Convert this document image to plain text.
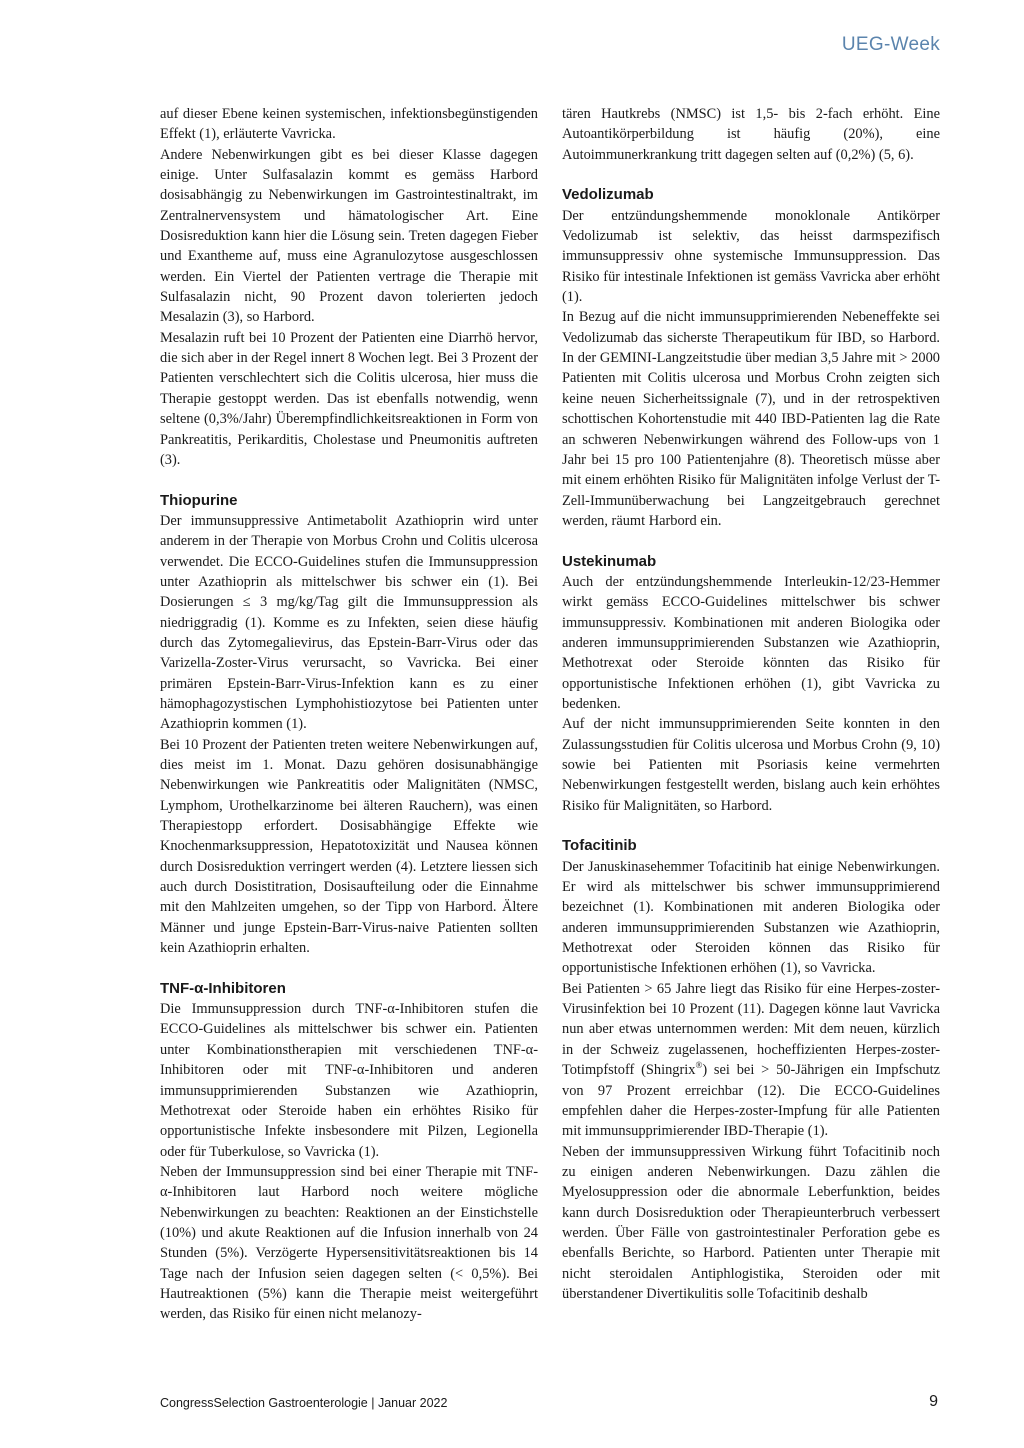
UEG-Week

auf dieser Ebene keinen systemischen, infektionsbegünstigenden Effekt (1), erläuterte Vavricka.

Andere Nebenwirkungen gibt es bei dieser Klasse dagegen einige. Unter Sulfasalazin kommt es gemäss Harbord dosisabhängig zu Nebenwirkungen im Gastrointestinaltrakt, im Zentralnervensystem und hämatologischer Art. Eine Dosisreduktion kann hier die Lösung sein. Treten dagegen Fieber und Exantheme auf, muss eine Agranulozytose ausgeschlossen werden. Ein Viertel der Patienten vertrage die Therapie mit Sulfasalazin nicht, 90 Prozent davon tolerierten jedoch Mesalazin (3), so Harbord.

Mesalazin ruft bei 10 Prozent der Patienten eine Diarrhö hervor, die sich aber in der Regel innert 8 Wochen legt. Bei 3 Prozent der Patienten verschlechtert sich die Colitis ulcerosa, hier muss die Therapie gestoppt werden. Das ist ebenfalls notwendig, wenn seltene (0,3%/Jahr) Überempfindlichkeitsreaktionen in Form von Pankreatitis, Perikarditis, Cholestase und Pneumonitis auftreten (3).

Thiopurine

Der immunsuppressive Antimetabolit Azathioprin wird unter anderem in der Therapie von Morbus Crohn und Colitis ulcerosa verwendet. Die ECCO-Guidelines stufen die Immunsuppression unter Azathioprin als mittelschwer bis schwer ein (1). Bei Dosierungen ≤ 3 mg/kg/Tag gilt die Immunsuppression als niedriggradig (1). Komme es zu Infekten, seien diese häufig durch das Zytomegalievirus, das Epstein-Barr-Virus oder das Varizella-Zoster-Virus verursacht, so Vavricka. Bei einer primären Epstein-Barr-Virus-Infektion kann es zu einer hämophagozystischen Lymphohistiozytose bei Patienten unter Azathioprin kommen (1).

Bei 10 Prozent der Patienten treten weitere Nebenwirkungen auf, dies meist im 1. Monat. Dazu gehören dosisunabhängige Nebenwirkungen wie Pankreatitis oder Malignitäten (NMSC, Lymphom, Urothelkarzinome bei älteren Rauchern), was einen Therapiestopp erfordert. Dosisabhängige Effekte wie Knochenmarksuppression, Hepatotoxizität und Nausea können durch Dosisreduktion verringert werden (4). Letztere liessen sich auch durch Dosistitration, Dosisaufteilung oder die Einnahme mit den Mahlzeiten umgehen, so der Tipp von Harbord. Ältere Männer und junge Epstein-Barr-Virus-naive Patienten sollten kein Azathioprin erhalten.

TNF-α-Inhibitoren

Die Immunsuppression durch TNF-α-Inhibitoren stufen die ECCO-Guidelines als mittelschwer bis schwer ein. Patienten unter Kombinationstherapien mit verschiedenen TNF-α-Inhibitoren oder mit TNF-α-Inhibitoren und anderen immunsupprimierenden Substanzen wie Azathioprin, Methotrexat oder Steroide haben ein erhöhtes Risiko für opportunistische Infekte insbesondere mit Pilzen, Legionella oder für Tuberkulose, so Vavricka (1).

Neben der Immunsuppression sind bei einer Therapie mit TNF-α-Inhibitoren laut Harbord noch weitere mögliche Nebenwirkungen zu beachten: Reaktionen an der Einstichstelle (10%) und akute Reaktionen auf die Infusion innerhalb von 24 Stunden (5%). Verzögerte Hypersensitivitätsreaktionen bis 14 Tage nach der Infusion seien dagegen selten (< 0,5%). Bei Hautreaktionen (5%) kann die Therapie meist weitergeführt werden, das Risiko für einen nicht melanozy-

tären Hautkrebs (NMSC) ist 1,5- bis 2-fach erhöht. Eine Autoantikörperbildung ist häufig (20%), eine Autoimmunerkrankung tritt dagegen selten auf (0,2%) (5, 6).

Vedolizumab

Der entzündungshemmende monoklonale Antikörper Vedolizumab ist selektiv, das heisst darmspezifisch immunsuppressiv ohne systemische Immunsuppression. Das Risiko für intestinale Infektionen ist gemäss Vavricka aber erhöht (1).

In Bezug auf die nicht immunsupprimierenden Nebeneffekte sei Vedolizumab das sicherste Therapeutikum für IBD, so Harbord. In der GEMINI-Langzeitstudie über median 3,5 Jahre mit > 2000 Patienten mit Colitis ulcerosa und Morbus Crohn zeigten sich keine neuen Sicherheitssignale (7), und in der retrospektiven schottischen Kohortenstudie mit 440 IBD-Patienten lag die Rate an schweren Nebenwirkungen während des Follow-ups von 1 Jahr bei 15 pro 100 Patientenjahre (8). Theoretisch müsse aber mit einem erhöhten Risiko für Malignitäten infolge Verlust der T-Zell-Immunüberwachung bei Langzeitgebrauch gerechnet werden, räumt Harbord ein.

Ustekinumab

Auch der entzündungshemmende Interleukin-12/23-Hemmer wirkt gemäss ECCO-Guidelines mittelschwer bis schwer immunsuppressiv. Kombinationen mit anderen Biologika oder anderen immunsupprimierenden Substanzen wie Azathioprin, Methotrexat oder Steroide könnten das Risiko für opportunistische Infektionen erhöhen (1), gibt Vavricka zu bedenken.

Auf der nicht immunsupprimierenden Seite konnten in den Zulassungsstudien für Colitis ulcerosa und Morbus Crohn (9, 10) sowie bei Patienten mit Psoriasis keine vermehrten Nebenwirkungen festgestellt werden, bislang auch kein erhöhtes Risiko für Malignitäten, so Harbord.

Tofacitinib

Der Januskinasehemmer Tofacitinib hat einige Nebenwirkungen. Er wird als mittelschwer bis schwer immunsupprimierend bezeichnet (1). Kombinationen mit anderen Biologika oder anderen immunsupprimierenden Substanzen wie Azathioprin, Methotrexat oder Steroiden können das Risiko für opportunistische Infektionen erhöhen (1), so Vavricka.

Bei Patienten > 65 Jahre liegt das Risiko für eine Herpes-zoster-Virusinfektion bei 10 Prozent (11). Dagegen könne laut Vavricka nun aber etwas unternommen werden: Mit dem neuen, kürzlich in der Schweiz zugelassenen, hocheffizienten Herpes-zoster-Totimpfstoff (Shingrix®) sei bei > 50-Jährigen ein Impfschutz von 97 Prozent erreichbar (12). Die ECCO-Guidelines empfehlen daher die Herpes-zoster-Impfung für alle Patienten mit immunsupprimierender IBD-Therapie (1).

Neben der immunsuppressiven Wirkung führt Tofacitinib noch zu einigen anderen Nebenwirkungen. Dazu zählen die Myelosuppression oder die abnormale Leberfunktion, beides kann durch Dosisreduktion oder Therapieunterbruch verbessert werden. Über Fälle von gastrointestinaler Perforation gebe es ebenfalls Berichte, so Harbord. Patienten unter Therapie mit nicht steroidalen Antiphlogistika, Steroiden oder mit überstandener Divertikulitis solle Tofacitinib deshalb

CongressSelection Gastroenterologie | Januar 2022	9
